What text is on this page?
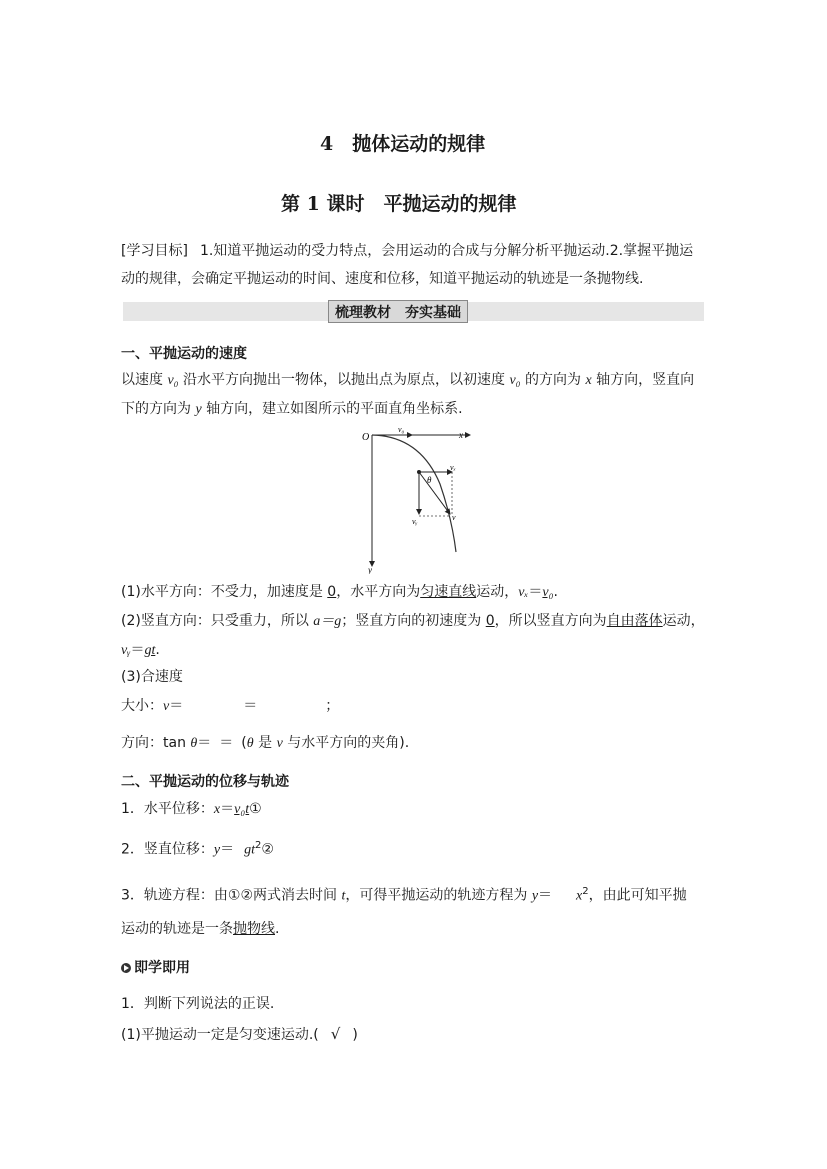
4　抛体运动的规律
第 1 课时　平抛运动的规律
[学习目标] 1.知道平抛运动的受力特点，会用运动的合成与分解分析平抛运动.2.掌握平抛运
动的规律，会确定平抛运动的时间、速度和位移，知道平抛运动的轨迹是一条抛物线.
梳理教材 夯实基础
一、平抛运动的速度
以速度 v₀ 沿水平方向抛出一物体，以抛出点为原点，以初速度 v₀ 的方向为 x 轴方向，竖直向
下的方向为 y 轴方向，建立如图所示的平面直角坐标系.
O
v₀
x
y
θ
vₓ
vᵧ	v
(1)水平方向：不受力，加速度是 0，水平方向为匀速直线运动，vₓ＝v₀.
(2)竖直方向：只受重力，所以 a＝g；竖直方向的初速度为 0，所以竖直方向为自由落体运动，
vᵧ＝gt.
(3)合速度
大小：v＝	＝	；
方向：tan θ＝ ＝ (θ 是 v 与水平方向的夹角).
二、平抛运动的位移与轨迹
1．水平位移：x＝v₀t①
2．竖直位移：$y= gt^2②$
3．轨迹方程：由①②两式消去时间 t，可得平抛运动的轨迹方程为 $y= x^2$，由此可知平抛
运动的轨迹是一条抛物线.
即学即用
1．判断下列说法的正误.
(1)平抛运动一定是匀变速运动.( √ )
